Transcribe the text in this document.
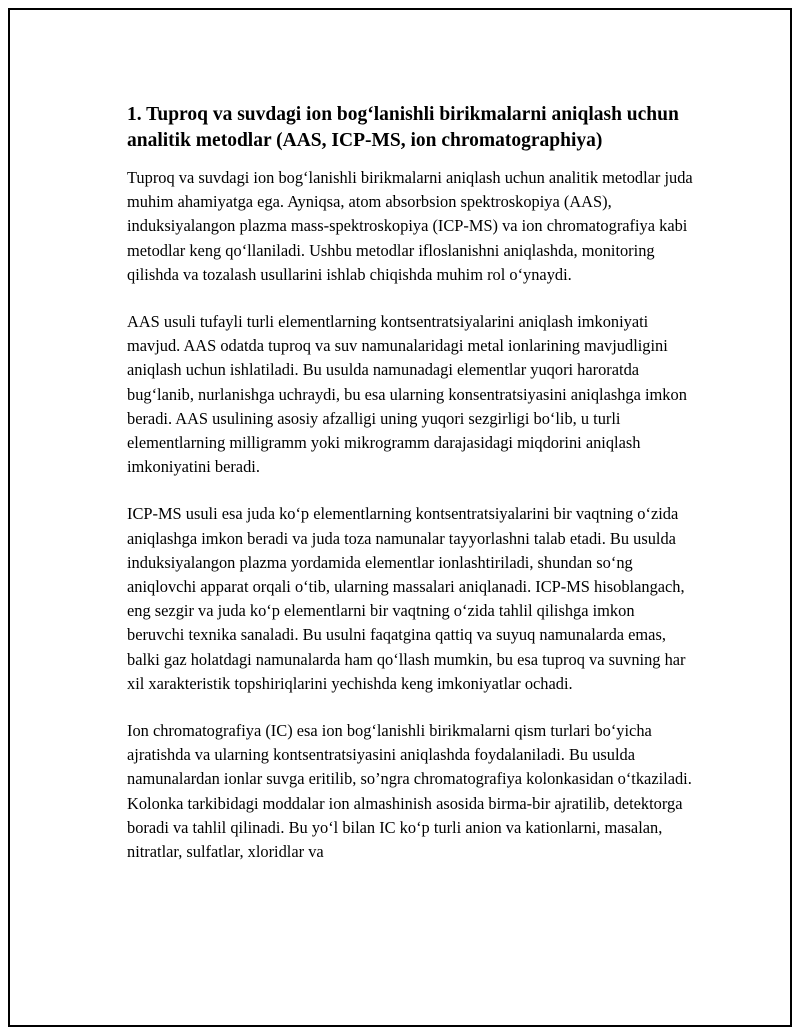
1. Tuproq va suvdagi ion bog‘lanishli birikmalarni aniqlash uchun analitik metodlar (AAS, ICP-MS, ion chromatographiya)

Tuproq va suvdagi ion bog‘lanishli birikmalarni aniqlash uchun analitik metodlar juda muhim ahamiyatga ega. Ayniqsa, atom absorbsion spektroskopiya (AAS), induksiyalangon plazma mass-spektroskopiya (ICP-MS) va ion chromatografiya kabi metodlar keng qo‘llaniladi. Ushbu metodlar ifloslanishni aniqlashda, monitoring qilishda va tozalash usullarini ishlab chiqishda muhim rol o‘ynaydi.

AAS usuli tufayli turli elementlarning kontsentratsiyalarini aniqlash imkoniyati mavjud. AAS odatda tuproq va suv namunalaridagi metal ionlarining mavjudligini aniqlash uchun ishlatiladi. Bu usulda namunadagi elementlar yuqori haroratda bug‘lanib, nurlanishga uchraydi, bu esa ularning konsentratsiyasini aniqlashga imkon beradi. AAS usulining asosiy afzalligi uning yuqori sezgirligi bo‘lib, u turli elementlarning milligramm yoki mikrogramm darajasidagi miqdorini aniqlash imkoniyatini beradi.

ICP-MS usuli esa juda ko‘p elementlarning kontsentratsiyalarini bir vaqtning o‘zida aniqlashga imkon beradi va juda toza namunalar tayyorlashni talab etadi. Bu usulda induksiyalangon plazma yordamida elementlar ionlashtiriladi, shundan so‘ng aniqlovchi apparat orqali o‘tib, ularning massalari aniqlanadi. ICP-MS hisoblangach, eng sezgir va juda ko‘p elementlarni bir vaqtning o‘zida tahlil qilishga imkon beruvchi texnika sanaladi. Bu usulni faqatgina qattiq va suyuq namunalarda emas, balki gaz holatdagi namunalarda ham qo‘llash mumkin, bu esa tuproq va suvning har xil xarakteristik topshiriqlarini yechishda keng imkoniyatlar ochadi.

Ion chromatografiya (IC) esa ion bog‘lanishli birikmalarni qism turlari bo‘yicha ajratishda va ularning kontsentratsiyasini aniqlashda foydalaniladi. Bu usulda namunalardan ionlar suvga eritilib, so’ngra chromatografiya kolonkasidan o‘tkaziladi. Kolonka tarkibidagi moddalar ion almashinish asosida birma-bir ajratilib, detektorga boradi va tahlil qilinadi. Bu yo‘l bilan IC ko‘p turli anion va kationlarni, masalan, nitratlar, sulfatlar, xloridlar va
